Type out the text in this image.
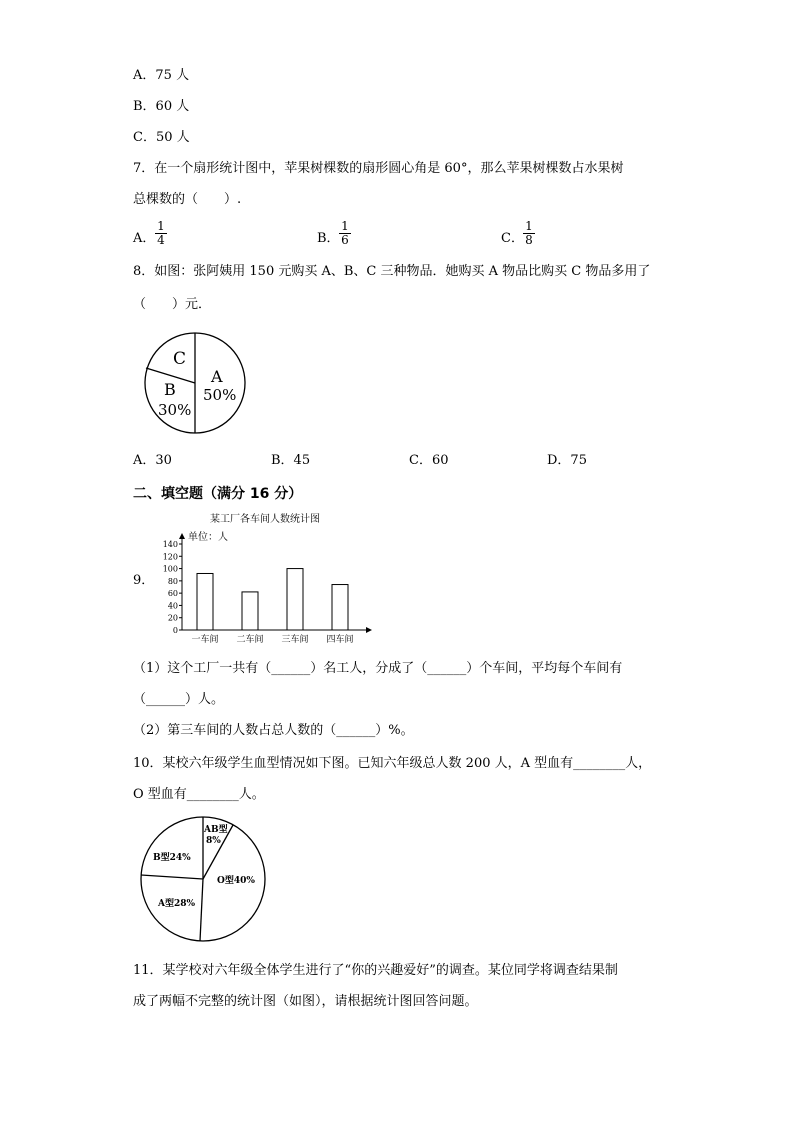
A．75 人
B．60 人
C．50 人
7．在一个扇形统计图中，苹果树棵数的扇形圆心角是 60°，那么苹果树棵数占水果树
总棵数的（　　）.
A． $\frac{1}{4}$	B． $\frac{1}{6}$	C． $\frac{1}{8}$
8．如图：张阿姨用 150 元购买 A、B、C 三种物品．她购买 A 物品比购买 C 物品多用了
（　　）元．
C
A
50%
B
30%
A．30	B．45	C．60	D．75
二、填空题（满分 16 分）
9．
某工厂各车间人数统计图
单位：人
0
20
40
60
80
100
120
140
一车间 二车间 三车间 四车间
（1）这个工厂一共有（______）名工人，分成了（______）个车间，平均每个车间有
（______）人。
（2）第三车间的人数占总人数的（______）%。
10．某校六年级学生血型情况如下图。已知六年级总人数 200 人，A 型血有________人，
O 型血有________人。
AB型
8%
B型24%
O型40%
A型28%
11．某学校对六年级全体学生进行了“你的兴趣爱好”的调查。某位同学将调查结果制
成了两幅不完整的统计图（如图），请根据统计图回答问题。
